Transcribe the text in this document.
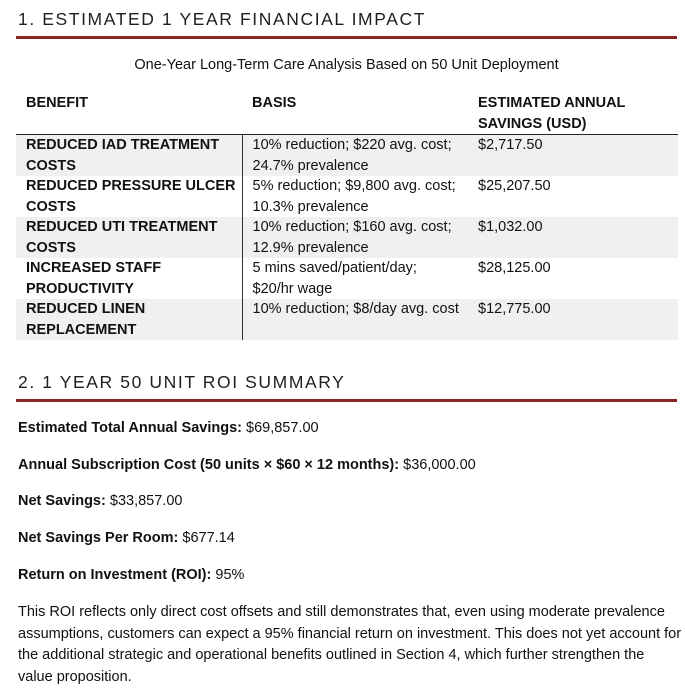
1. ESTIMATED 1 YEAR FINANCIAL IMPACT
One-Year Long-Term Care Analysis Based on 50 Unit Deployment
BENEFIT	BASIS	ESTIMATED ANNUAL SAVINGS (USD)
REDUCED IAD TREATMENT COSTS	10% reduction; $220 avg. cost; 24.7% prevalence	$2,717.50
REDUCED PRESSURE ULCER COSTS	5% reduction; $9,800 avg. cost; 10.3% prevalence	$25,207.50
REDUCED UTI TREATMENT COSTS	10% reduction; $160 avg. cost; 12.9% prevalence	$1,032.00
INCREASED STAFF PRODUCTIVITY	5 mins saved/patient/day; $20/hr wage	$28,125.00
REDUCED LINEN REPLACEMENT	10% reduction; $8/day avg. cost	$12,775.00
2. 1 YEAR 50 UNIT ROI SUMMARY
Estimated Total Annual Savings: $69,857.00
Annual Subscription Cost (50 units × $60 × 12 months): $36,000.00
Net Savings: $33,857.00
Net Savings Per Room: $677.14
Return on Investment (ROI): 95%
This ROI reflects only direct cost offsets and still demonstrates that, even using moderate prevalence assumptions, customers can expect a 95% financial return on investment. This does not yet account for the additional strategic and operational benefits outlined in Section 4, which further strengthen the value proposition.
